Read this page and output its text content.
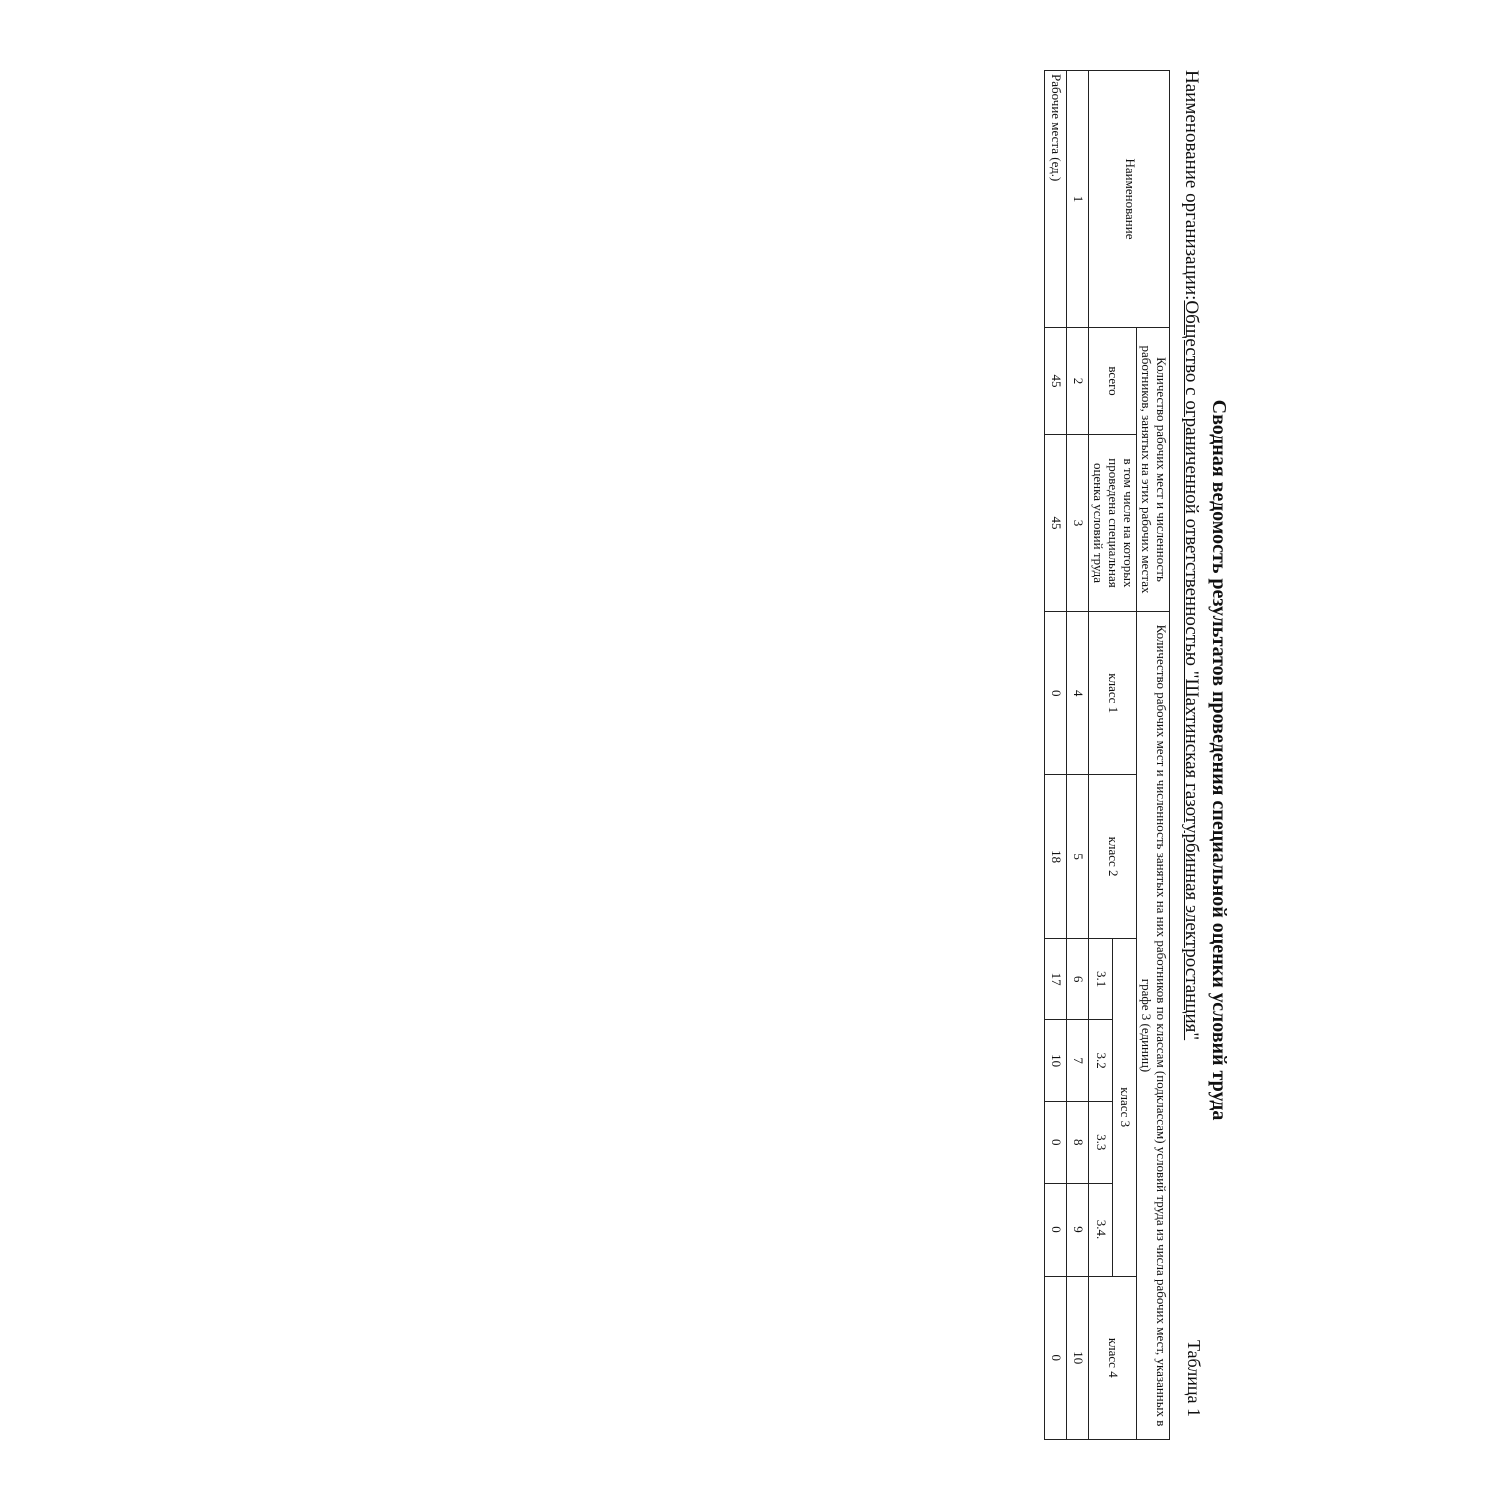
Сводная ведомость результатов проведения специальной оценки условий труда
Таблица 1
Наименование организации:Общество с ограниченной ответственностью "Шахтинская газотурбинная электростанция"
Наименование	Количество рабочих мест и численность работников, занятых на этих рабочих местах		Количество рабочих мест и численность занятых на них работников по классам (подклассам) условий труда из числа рабочих мест, указанных в графе 3 (единиц)						
	всего	в том числе на которых проведена специальная оценка условий труда	класс 1	класс 2	класс 3				класс 4
					3.1	3.2	3.3	3.4.	
1	2	3	4	5	6	7	8	9	10
Рабочие места (ед.)	45	45	0	18	17	10	0	0	0
